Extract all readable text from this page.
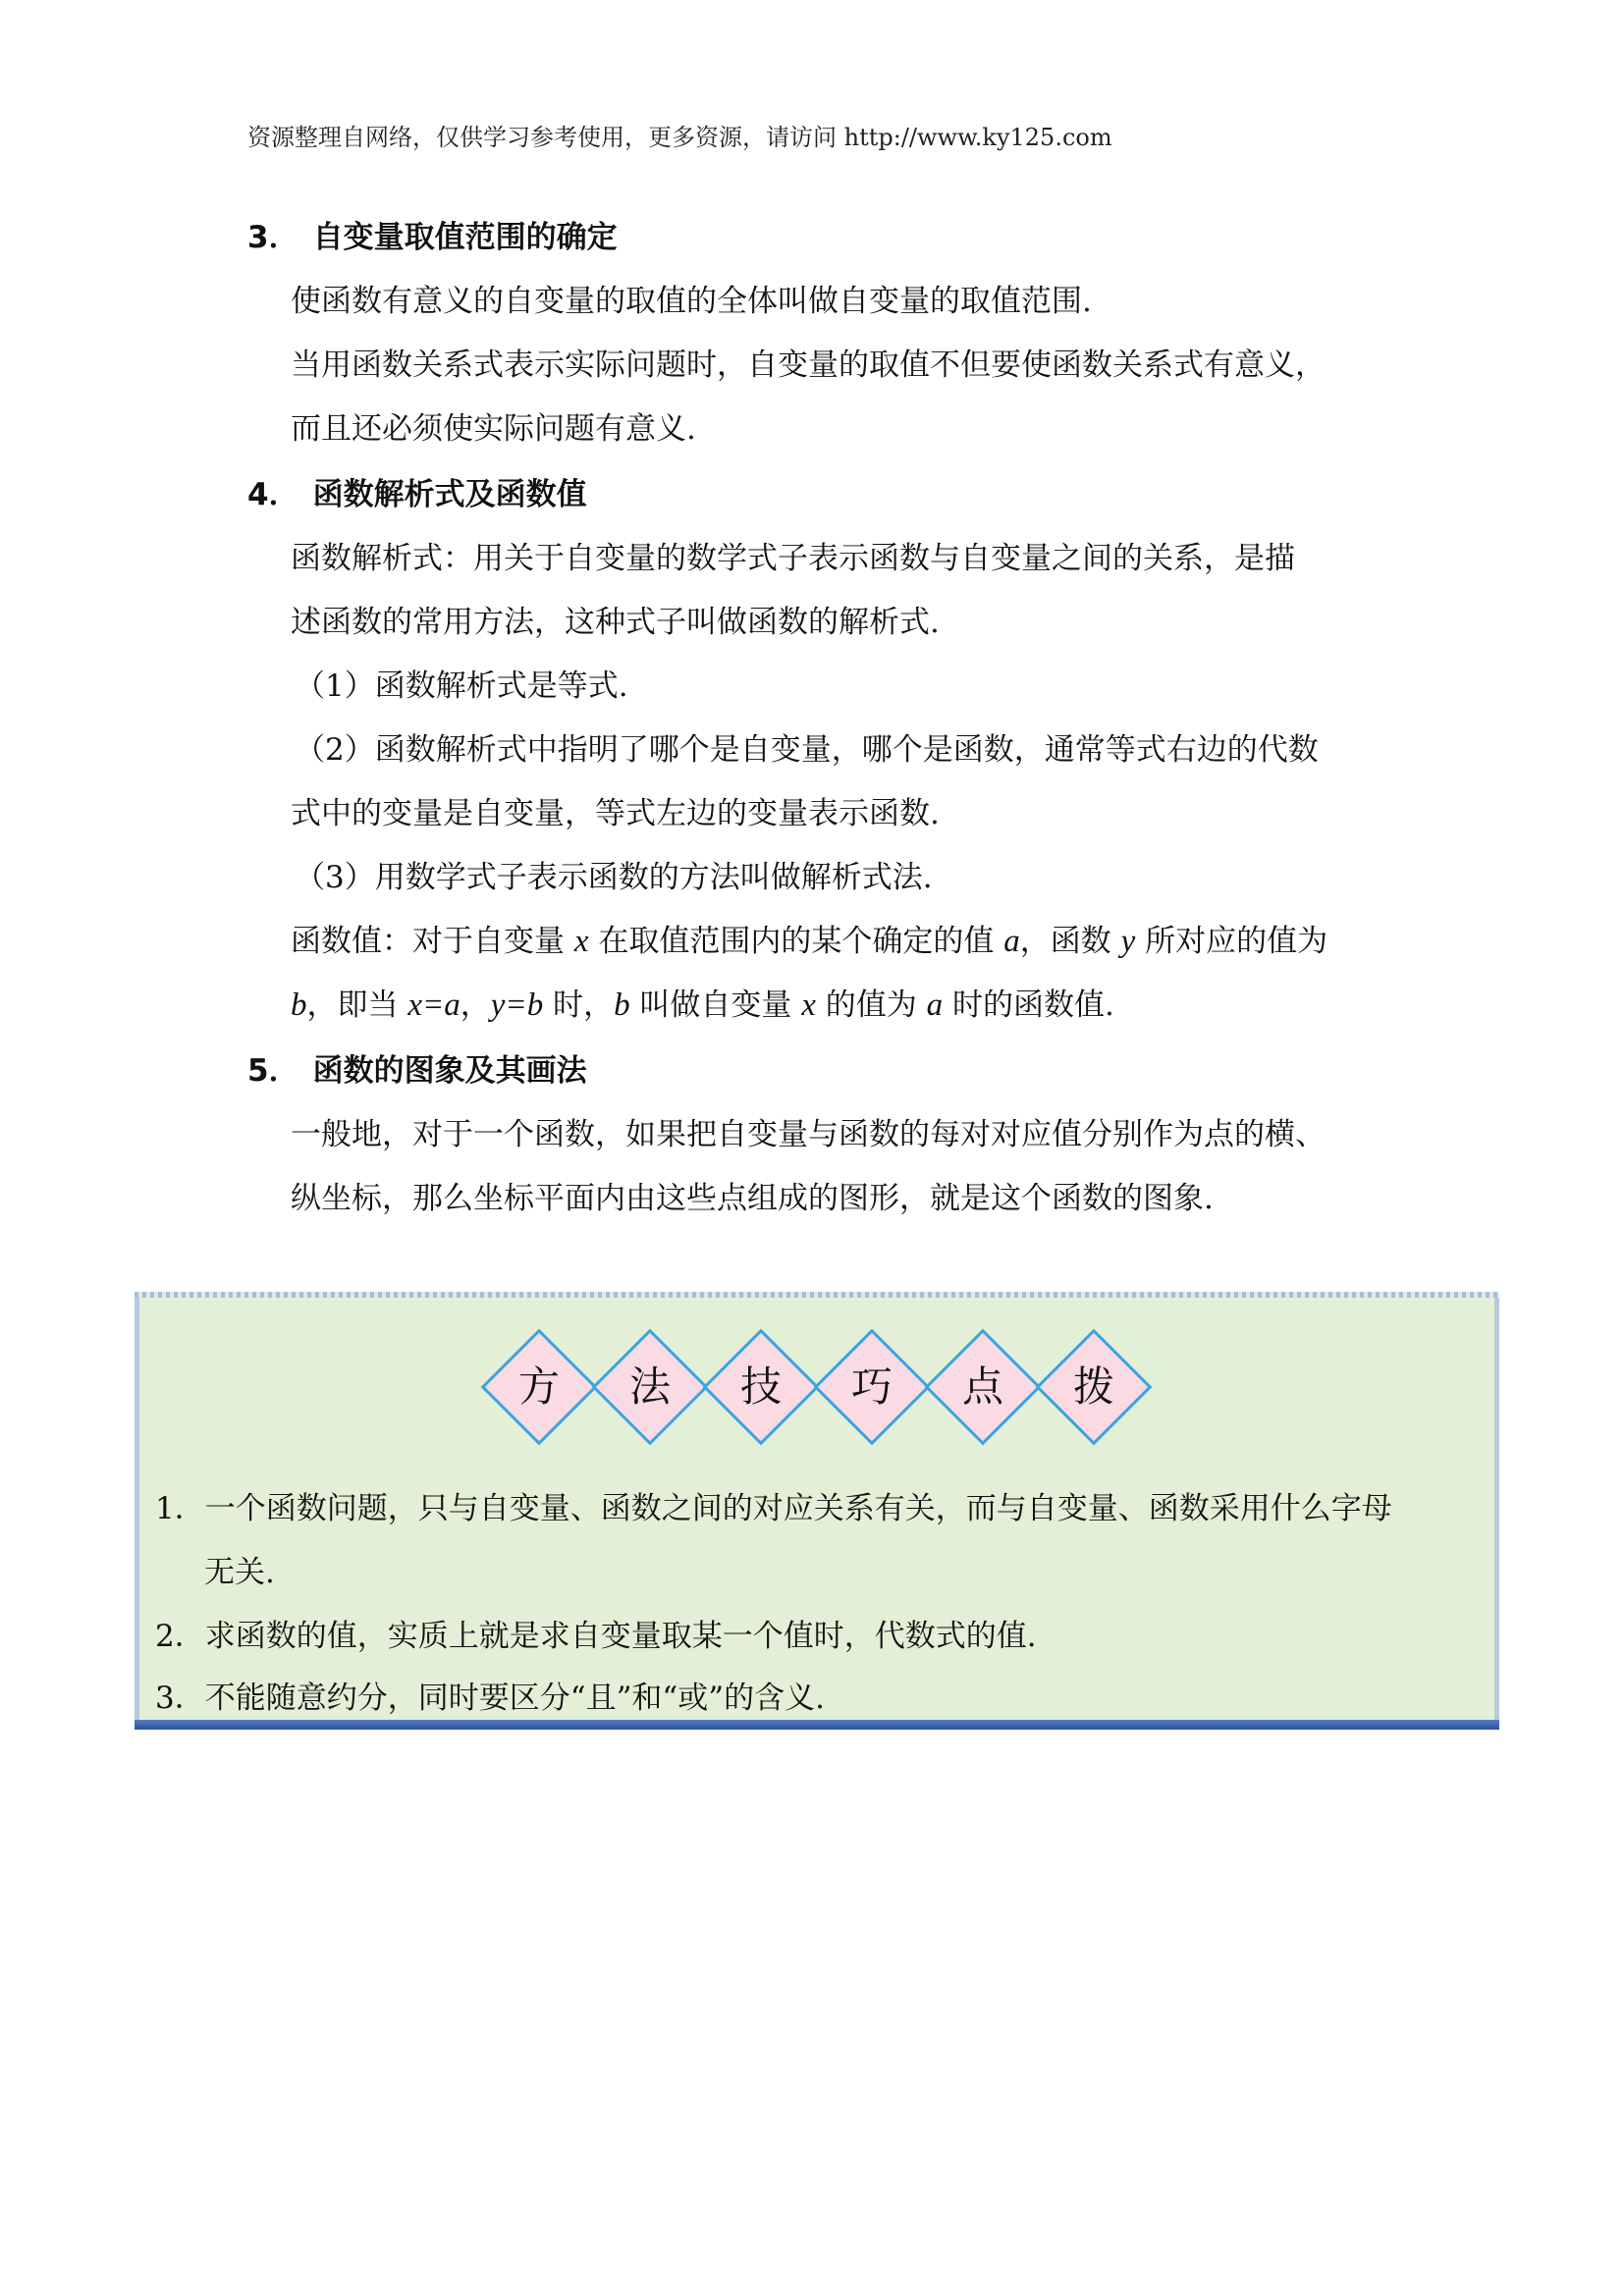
资源整理自网络，仅供学习参考使用，更多资源，请访问 http://www.ky125.com
3． 自变量取值范围的确定
使函数有意义的自变量的取值的全体叫做自变量的取值范围.
当用函数关系式表示实际问题时，自变量的取值不但要使函数关系式有意义，
而且还必须使实际问题有意义.
4． 函数解析式及函数值
函数解析式：用关于自变量的数学式子表示函数与自变量之间的关系，是描
述函数的常用方法，这种式子叫做函数的解析式.
（1）函数解析式是等式.
（2）函数解析式中指明了哪个是自变量，哪个是函数，通常等式右边的代数
式中的变量是自变量，等式左边的变量表示函数.
（3）用数学式子表示函数的方法叫做解析式法.
函数值：对于自变量 x 在取值范围内的某个确定的值 a，函数 y 所对应的值为
b，即当 x=a，y=b 时，b 叫做自变量 x 的值为 a 时的函数值.
5． 函数的图象及其画法
一般地，对于一个函数，如果把自变量与函数的每对对应值分别作为点的横、
纵坐标，那么坐标平面内由这些点组成的图形，就是这个函数的图象.
方	法	技	巧	点	拨
1．一个函数问题，只与自变量、函数之间的对应关系有关，而与自变量、函数采用什么字母
无关.
2．求函数的值，实质上就是求自变量取某一个值时，代数式的值.
3．不能随意约分，同时要区分“且”和“或”的含义.
